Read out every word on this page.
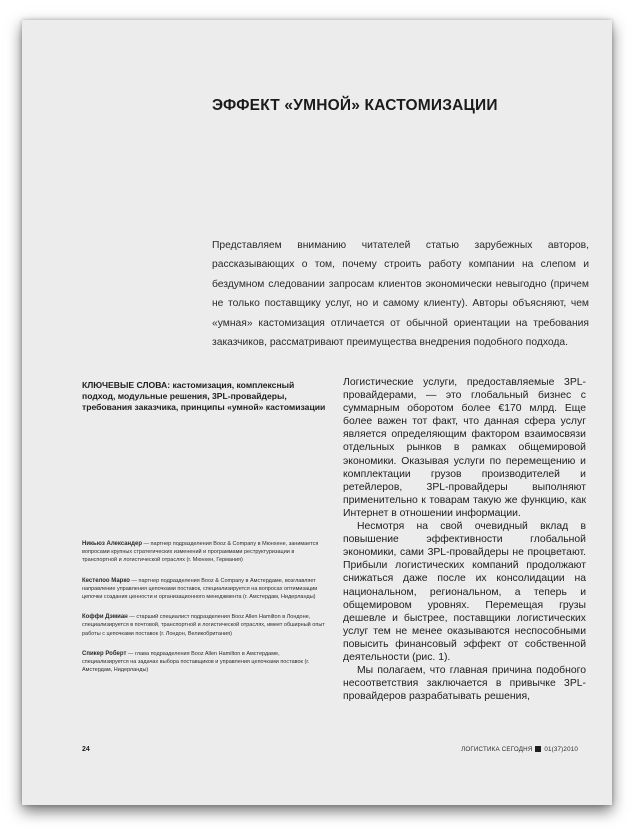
ЭФФЕКТ «УМНОЙ» КАСТОМИЗАЦИИ

Представляем вниманию читателей статью зарубежных авторов, рассказывающих о том, почему строить работу компании на слепом и бездумном следовании запросам клиентов экономически невыгодно (причем не только поставщику услуг, но и самому клиенту). Авторы объясняют, чем «умная» кастомизация отличается от обычной ориентации на требования заказчиков, рассматривают преимущества внедрения подобного подхода.

КЛЮЧЕВЫЕ СЛОВА: кастомизация, комплексный подход, модульные решения, 3PL-провайдеры, требования заказчика, принципы «умной» кастомизации

Никьюз Александер — партнер подразделения Booz & Company в Мюнхене, занимается вопросами крупных стратегических изменений и программами реструктуризации в транспортной и логистической отраслях (г. Мюнхен, Германия)

Кестелоо Марко — партнер подразделения Booz & Company в Амстердаме, возглавляет направление управления цепочками поставок, специализируется на вопросах оптимизации цепочки создания ценности и организационного менеджмента (г. Амстердам, Нидерланды)

Коффи Дэмиан — старший специалист подразделения Booz Allen Hamilton в Лондоне, специализируется в почтовой, транспортной и логистической отраслях, имеет обширный опыт работы с цепочками поставок (г. Лондон, Великобритания)

Спикер Роберт — глава подразделения Booz Allen Hamilton в Амстердаме, специализируется на задачах выбора поставщиков и управления цепочками поставок (г. Амстердам, Нидерланды)

Логистические услуги, предоставляемые 3PL-провайдерами, — это глобальный бизнес с суммарным оборотом более €170 млрд. Еще более важен тот факт, что данная сфера услуг является определяющим фактором взаимосвязи отдельных рынков в рамках общемировой экономики. Оказывая услуги по перемещению и комплектации грузов производителей и ретейлеров, 3PL-провайдеры выполняют применительно к товарам такую же функцию, как Интернет в отношении информации.

Несмотря на свой очевидный вклад в повышение эффективности глобальной экономики, сами 3PL-провайдеры не процветают. Прибыли логистических компаний продолжают снижаться даже после их консолидации на национальном, региональном, а теперь и общемировом уровнях. Перемещая грузы дешевле и быстрее, поставщики логистических услуг тем не менее оказываются неспособными повысить финансовый эффект от собственной деятельности (рис. 1).

Мы полагаем, что главная причина подобного несоответствия заключается в привычке 3PL-провайдеров разрабатывать решения,

24	ЛОГИСТИКА СЕГОДНЯ 01(37)2010
